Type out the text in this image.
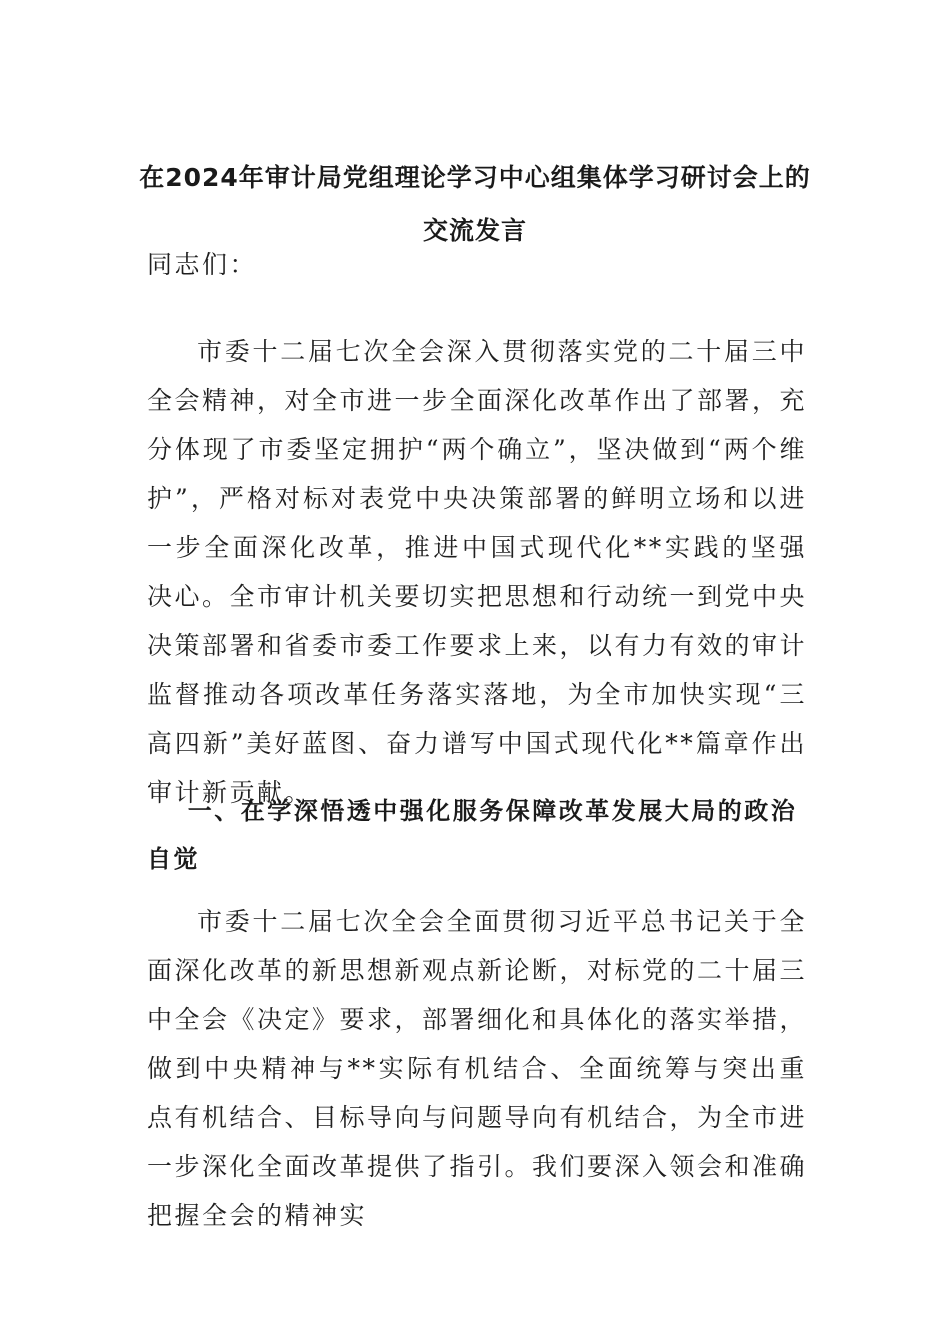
在2024年审计局党组理论学习中心组集体学习研讨会上的
交流发言
同志们：
市委十二届七次全会深入贯彻落实党的二十届三中全会精神，对全市进一步全面深化改革作出了部署，充分体现了市委坚定拥护“两个确立”，坚决做到“两个维护”，严格对标对表党中央决策部署的鲜明立场和以进一步全面深化改革，推进中国式现代化**实践的坚强决心。全市审计机关要切实把思想和行动统一到党中央决策部署和省委市委工作要求上来，以有力有效的审计监督推动各项改革任务落实落地，为全市加快实现“三高四新”美好蓝图、奋力谱写中国式现代化**篇章作出审计新贡献。
一、在学深悟透中强化服务保障改革发展大局的政治自觉
市委十二届七次全会全面贯彻习近平总书记关于全面深化改革的新思想新观点新论断，对标党的二十届三中全会《决定》要求，部署细化和具体化的落实举措，做到中央精神与**实际有机结合、全面统筹与突出重点有机结合、目标导向与问题导向有机结合，为全市进一步深化全面改革提供了指引。我们要深入领会和准确把握全会的精神实
